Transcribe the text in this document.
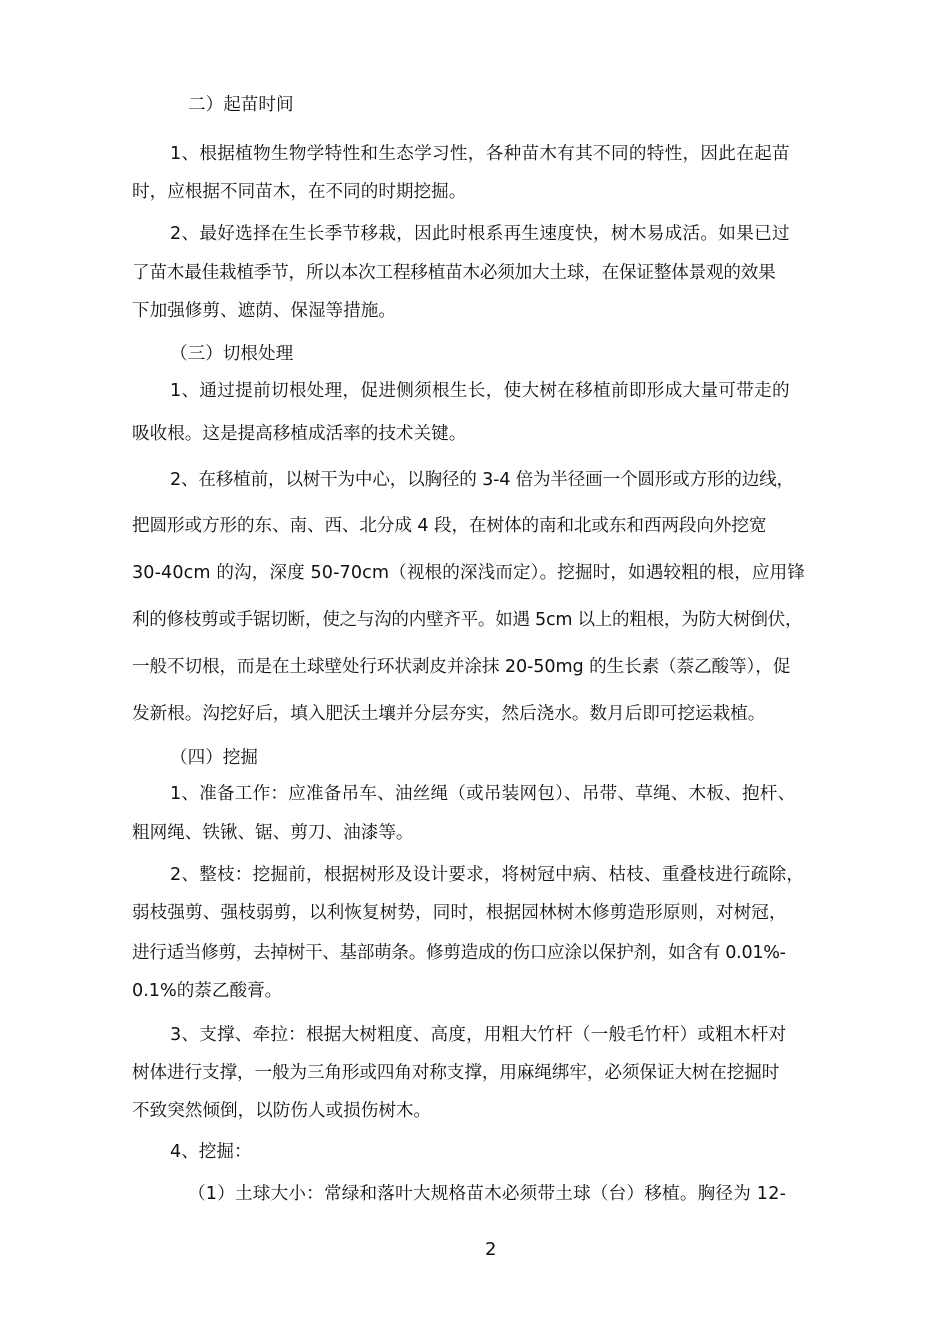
二）起苗时间
1、根据植物生物学特性和生态学习性，各种苗木有其不同的特性，因此在起苗
时，应根据不同苗木，在不同的时期挖掘。
2、最好选择在生长季节移栽，因此时根系再生速度快，树木易成活。如果已过
了苗木最佳栽植季节，所以本次工程移植苗木必须加大土球，在保证整体景观的效果
下加强修剪、遮荫、保湿等措施。
（三）切根处理
1、通过提前切根处理，促进侧须根生长，使大树在移植前即形成大量可带走的
吸收根。这是提高移植成活率的技术关键。
2、在移植前，以树干为中心，以胸径的 3-4 倍为半径画一个圆形或方形的边线，
把圆形或方形的东、南、西、北分成 4 段，在树体的南和北或东和西两段向外挖宽
30-40cm 的沟，深度 50-70cm（视根的深浅而定）。挖掘时，如遇较粗的根，应用锋
利的修枝剪或手锯切断，使之与沟的内壁齐平。如遇 5cm 以上的粗根，为防大树倒伏，
一般不切根，而是在土球壁处行环状剥皮并涂抹 20-50mg 的生长素（萘乙酸等），促
发新根。沟挖好后，填入肥沃土壤并分层夯实，然后浇水。数月后即可挖运栽植。
（四）挖掘
1、准备工作：应准备吊车、油丝绳（或吊装网包）、吊带、草绳、木板、抱杆、
粗网绳、铁锹、锯、剪刀、油漆等。
2、整枝：挖掘前，根据树形及设计要求，将树冠中病、枯枝、重叠枝进行疏除，
弱枝强剪、强枝弱剪，以利恢复树势，同时，根据园林树木修剪造形原则，对树冠，
进行适当修剪，去掉树干、基部萌条。修剪造成的伤口应涂以保护剂，如含有 0.01%-
0.1%的萘乙酸膏。
3、支撑、牵拉：根据大树粗度、高度，用粗大竹杆（一般毛竹杆）或粗木杆对
树体进行支撑，一般为三角形或四角对称支撑，用麻绳绑牢，必须保证大树在挖掘时
不致突然倾倒，以防伤人或损伤树木。
4、挖掘：
（1）土球大小：常绿和落叶大规格苗木必须带土球（台）移植。胸径为 12-
2
